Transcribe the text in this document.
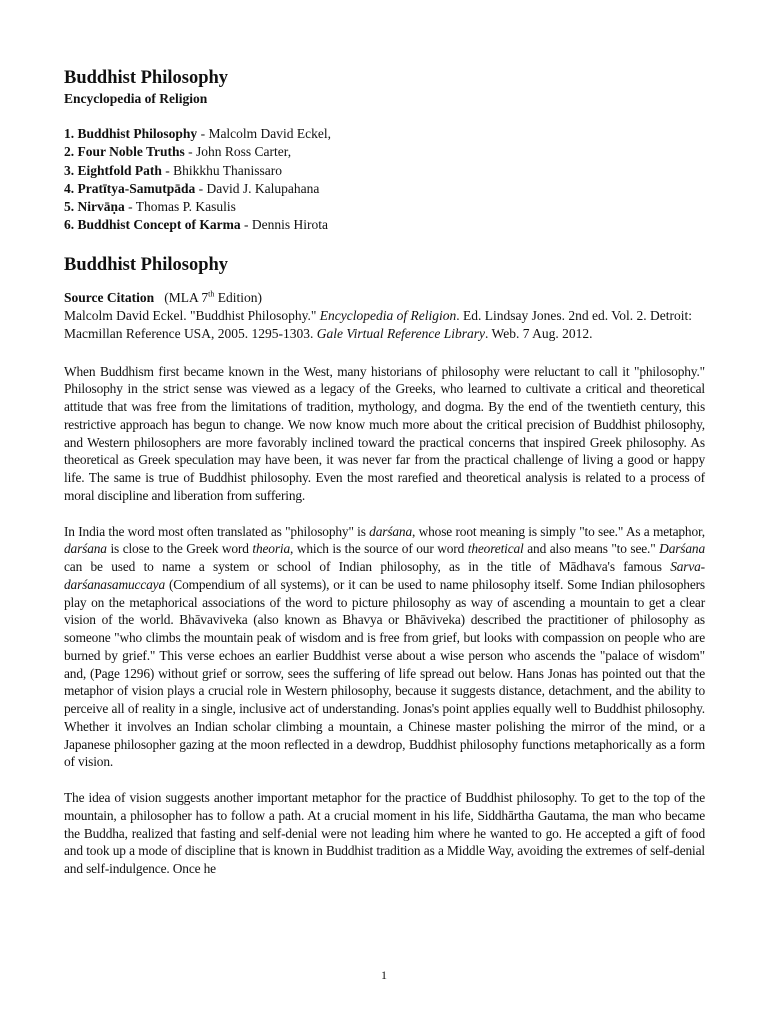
Buddhist Philosophy
Encyclopedia of Religion
1. Buddhist Philosophy - Malcolm David Eckel,
2. Four Noble Truths - John Ross Carter,
3. Eightfold Path - Bhikkhu Thanissaro
4. Pratītya-Samutpāda - David J. Kalupahana
5. Nirvāṇa - Thomas P. Kasulis
6. Buddhist Concept of Karma - Dennis Hirota
Buddhist Philosophy

Source Citation (MLA 7th Edition)
Malcolm David Eckel. "Buddhist Philosophy." Encyclopedia of Religion. Ed. Lindsay Jones. 2nd ed. Vol. 2. Detroit: Macmillan Reference USA, 2005. 1295-1303. Gale Virtual Reference Library. Web. 7 Aug. 2012.

When Buddhism first became known in the West, many historians of philosophy were reluctant to call it "philosophy." Philosophy in the strict sense was viewed as a legacy of the Greeks, who learned to cultivate a critical and theoretical attitude that was free from the limitations of tradition, mythology, and dogma. By the end of the twentieth century, this restrictive approach has begun to change. We now know much more about the critical precision of Buddhist philosophy, and Western philosophers are more favorably inclined toward the practical concerns that inspired Greek philosophy. As theoretical as Greek speculation may have been, it was never far from the practical challenge of living a good or happy life. The same is true of Buddhist philosophy. Even the most rarefied and theoretical analysis is related to a process of moral discipline and liberation from suffering.

In India the word most often translated as "philosophy" is darśana, whose root meaning is simply "to see." As a metaphor, darśana is close to the Greek word theoria, which is the source of our word theoretical and also means "to see." Darśana can be used to name a system or school of Indian philosophy, as in the title of Mādhava's famous Sarva-darśanasamuccaya (Compendium of all systems), or it can be used to name philosophy itself. Some Indian philosophers play on the metaphorical associations of the word to picture philosophy as way of ascending a mountain to get a clear vision of the world. Bhāvaviveka (also known as Bhavya or Bhāviveka) described the practitioner of philosophy as someone "who climbs the mountain peak of wisdom and is free from grief, but looks with compassion on people who are burned by grief." This verse echoes an earlier Buddhist verse about a wise person who ascends the "palace of wisdom" and, (Page 1296) without grief or sorrow, sees the suffering of life spread out below. Hans Jonas has pointed out that the metaphor of vision plays a crucial role in Western philosophy, because it suggests distance, detachment, and the ability to perceive all of reality in a single, inclusive act of understanding. Jonas's point applies equally well to Buddhist philosophy. Whether it involves an Indian scholar climbing a mountain, a Chinese master polishing the mirror of the mind, or a Japanese philosopher gazing at the moon reflected in a dewdrop, Buddhist philosophy functions metaphorically as a form of vision.

The idea of vision suggests another important metaphor for the practice of Buddhist philosophy. To get to the top of the mountain, a philosopher has to follow a path. At a crucial moment in his life, Siddhārtha Gautama, the man who became the Buddha, realized that fasting and self-denial were not leading him where he wanted to go. He accepted a gift of food and took up a mode of discipline that is known in Buddhist tradition as a Middle Way, avoiding the extremes of self-denial and self-indulgence. Once he

1
